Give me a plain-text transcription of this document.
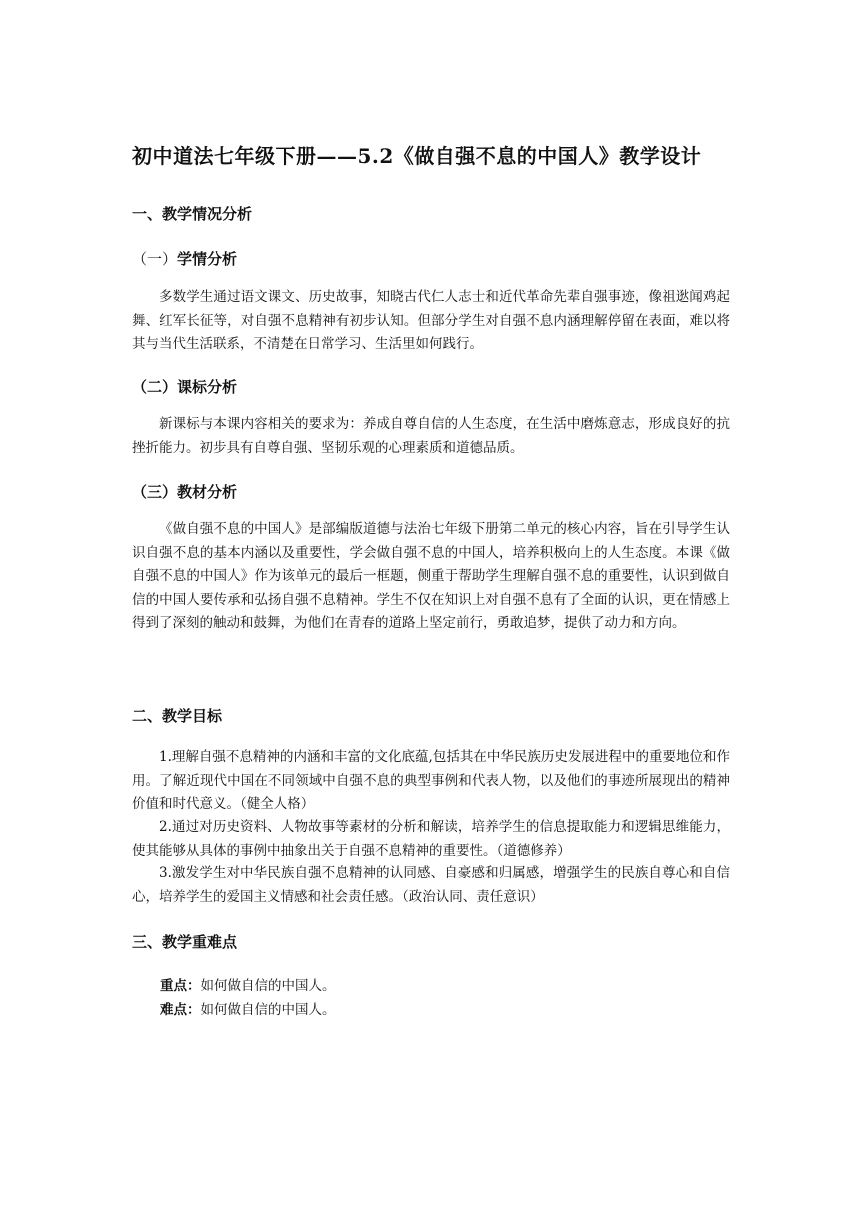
初中道法七年级下册——5.2《做自强不息的中国人》教学设计
一、教学情况分析
（一）学情分析
多数学生通过语文课文、历史故事，知晓古代仁人志士和近代革命先辈自强事迹，像祖逖闻鸡起舞、红军长征等，对自强不息精神有初步认知。但部分学生对自强不息内涵理解停留在表面，难以将其与当代生活联系，不清楚在日常学习、生活里如何践行。
（二）课标分析
新课标与本课内容相关的要求为：养成自尊自信的人生态度，在生活中磨炼意志，形成良好的抗挫折能力。初步具有自尊自强、坚韧乐观的心理素质和道德品质。
（三）教材分析
《做自强不息的中国人》是部编版道德与法治七年级下册第二单元的核心内容，旨在引导学生认识自强不息的基本内涵以及重要性，学会做自强不息的中国人，培养积极向上的人生态度。本课《做自强不息的中国人》作为该单元的最后一框题，侧重于帮助学生理解自强不息的重要性，认识到做自信的中国人要传承和弘扬自强不息精神。学生不仅在知识上对自强不息有了全面的认识，更在情感上得到了深刻的触动和鼓舞，为他们在青春的道路上坚定前行，勇敢追梦，提供了动力和方向。
二、教学目标
1.理解自强不息精神的内涵和丰富的文化底蕴,包括其在中华民族历史发展进程中的重要地位和作用。了解近现代中国在不同领域中自强不息的典型事例和代表人物，以及他们的事迹所展现出的精神价值和时代意义。（健全人格）
2.通过对历史资料、人物故事等素材的分析和解读，培养学生的信息提取能力和逻辑思维能力，使其能够从具体的事例中抽象出关于自强不息精神的重要性。（道德修养）
3.激发学生对中华民族自强不息精神的认同感、自豪感和归属感，增强学生的民族自尊心和自信心，培养学生的爱国主义情感和社会责任感。（政治认同、责任意识）
三、教学重难点
重点：如何做自信的中国人。
难点：如何做自信的中国人。
